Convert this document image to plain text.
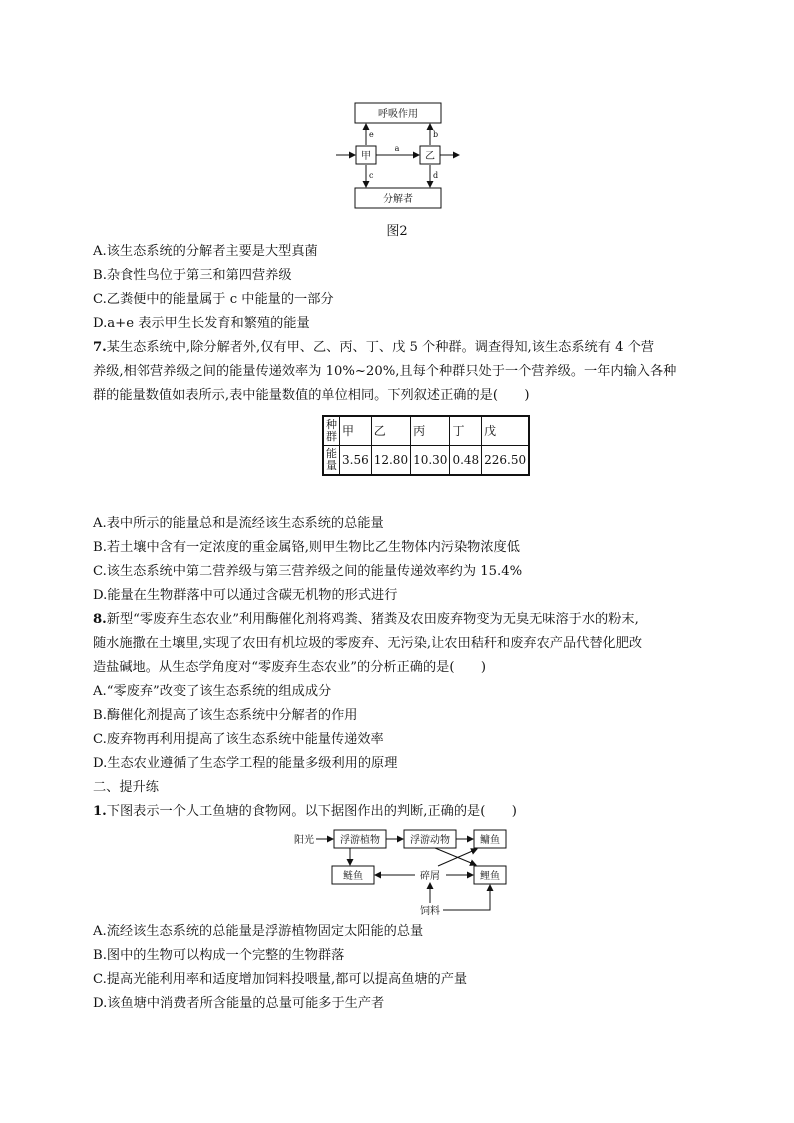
呼吸作用
分解者
甲	乙
a
e	b
c	d
图2
A.该生态系统的分解者主要是大型真菌
B.杂食性鸟位于第三和第四营养级
C.乙粪便中的能量属于 c 中能量的一部分
D.a+e 表示甲生长发育和繁殖的能量
7.某生态系统中,除分解者外,仅有甲、乙、丙、丁、戊 5 个种群。调查得知,该生态系统有 4 个营
养级,相邻营养级之间的能量传递效率为 10%~20%,且每个种群只处于一个营养级。一年内输入各种
群的能量数值如表所示,表中能量数值的单位相同。下列叙述正确的是(　　)
种群	甲	乙	丙	丁	戊
能量	3.56	12.80	10.30	0.48	226.50
A.表中所示的能量总和是流经该生态系统的总能量
B.若土壤中含有一定浓度的重金属铬,则甲生物比乙生物体内污染物浓度低
C.该生态系统中第二营养级与第三营养级之间的能量传递效率约为 15.4%
D.能量在生物群落中可以通过含碳无机物的形式进行
8.新型“零废弃生态农业”利用酶催化剂将鸡粪、猪粪及农田废弃物变为无臭无味溶于水的粉末,
随水施撒在土壤里,实现了农田有机垃圾的零废弃、无污染,让农田秸秆和废弃农产品代替化肥改
造盐碱地。从生态学角度对“零废弃生态农业”的分析正确的是(　　)
A.“零废弃”改变了该生态系统的组成成分
B.酶催化剂提高了该生态系统中分解者的作用
C.废弃物再利用提高了该生态系统中能量传递效率
D.生态农业遵循了生态学工程的能量多级利用的原理
二、提升练
1.下图表示一个人工鱼塘的食物网。以下据图作出的判断,正确的是(　　)
阳光	浮游植物	浮游动物	鳙鱼
鲢鱼	碎屑	鲤鱼
饲料
A.流经该生态系统的总能量是浮游植物固定太阳能的总量
B.图中的生物可以构成一个完整的生物群落
C.提高光能利用率和适度增加饲料投喂量,都可以提高鱼塘的产量
D.该鱼塘中消费者所含能量的总量可能多于生产者
